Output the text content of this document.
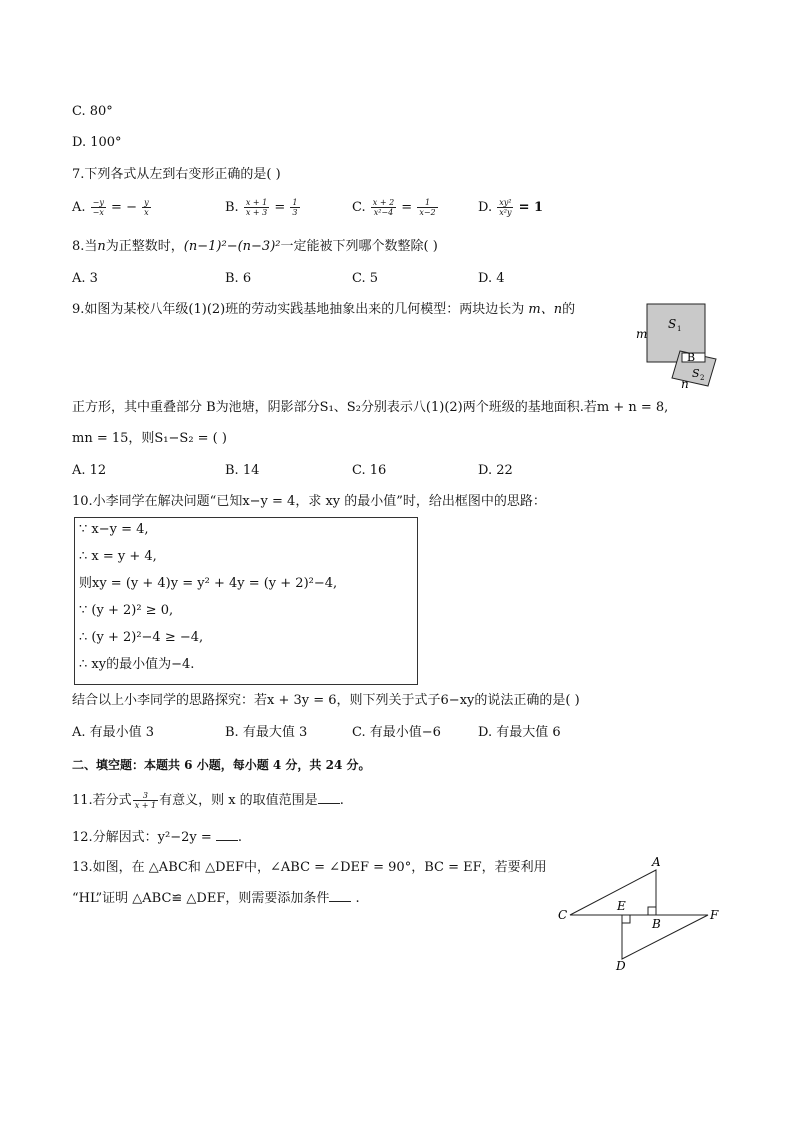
C. 80°
D. 100°
7.下列各式从左到右变形正确的是( )
A. $\frac{-y}{-x}$ = − $\frac{y}{x}$	B. $\frac{x + 1}{x + 3} = \frac{1}{3}$	C. $\frac{x + 2}{\text{x²−4}} = \frac{1}{x-2}$	D. $\frac{\text{xy²}}{\text{x²y}} = 1$
8.当n为正整数时，(n−1)²−(n−3)²一定能被下列哪个数整除( )
A. 3	B. 6	C. 5	D. 4
9.如图为某校八年级(1)(2)班的劳动实践基地抽象出来的几何模型：两块边长为 m、n的
m
S 1
B
S 2
n
正方形，其中重叠部分 B为池塘，阴影部分S₁、S₂分别表示八(1)(2)两个班级的基地面积.若m + n = 8,
mn = 15，则S₁−S₂ = ( )
A. 12	B. 14	C. 16	D. 22
10.小李同学在解决问题“已知x−y = 4，求 xy 的最小值”时，给出框图中的思路：
∵ x−y = 4,
∴ x = y + 4,
则xy = (y + 4)y = y² + 4y = (y + 2)²−4,
∵ (y + 2)² ≥ 0,
∴ (y + 2)²−4 ≥ −4,
∴ xy的最小值为−4.
结合以上小李同学的思路探究：若x + 3y = 6，则下列关于式子6−xy的说法正确的是( )
A. 有最小值 3	B. 有最大值 3	C. 有最小值−6	D. 有最大值 6
二、填空题：本题共 6 小题，每小题 4 分，共 24 分。
11.若分式 $\frac{3}{x + 1}$ 有意义，则 x 的取值范围是 .
12.分解因式：y²−2y = .
13.如图，在 △ABC和 △DEF中，∠ABC = ∠DEF = 90°，BC = EF，若要利用
“HL”证明 △ABC≌ △DEF，则需要添加条件 .
A
C
E
B
F
D
